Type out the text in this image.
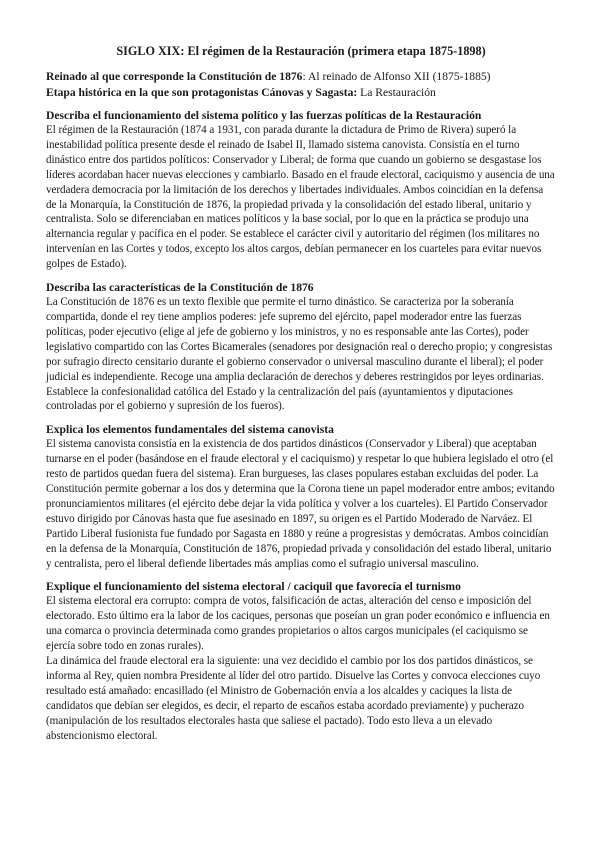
SIGLO XIX: El régimen de la Restauración (primera etapa 1875-1898)

Reinado al que corresponde la Constitución de 1876: Al reinado de Alfonso XII (1875-1885)

Etapa histórica en la que son protagonistas Cánovas y Sagasta: La Restauración

Describa el funcionamiento del sistema político y las fuerzas políticas de la Restauración

El régimen de la Restauración (1874 a 1931, con parada durante la dictadura de Primo de Rivera) superó la inestabilidad política presente desde el reinado de Isabel II, llamado sistema canovista. Consistía en el turno dinástico entre dos partidos políticos: Conservador y Liberal; de forma que cuando un gobierno se desgastase los líderes acordaban hacer nuevas elecciones y cambiarlo. Basado en el fraude electoral, caciquismo y ausencia de una verdadera democracia por la limitación de los derechos y libertades individuales. Ambos coincidían en la defensa de la Monarquía, la Constitución de 1876, la propiedad privada y la consolidación del estado liberal, unitario y centralista. Solo se diferenciaban en matices políticos y la base social, por lo que en la práctica se produjo una alternancia regular y pacífica en el poder. Se establece el carácter civil y autoritario del régimen (los militares no intervenían en las Cortes y todos, excepto los altos cargos, debían permanecer en los cuarteles para evitar nuevos golpes de Estado).

Describa las características de la Constitución de 1876

La Constitución de 1876 es un texto flexible que permite el turno dinástico. Se caracteriza por la soberanía compartida, donde el rey tiene amplios poderes: jefe supremo del ejército, papel moderador entre las fuerzas políticas, poder ejecutivo (elige al jefe de gobierno y los ministros, y no es responsable ante las Cortes), poder legislativo compartido con las Cortes Bicamerales (senadores por designación real o derecho propio; y congresistas por sufragio directo censitario durante el gobierno conservador o universal masculino durante el liberal); el poder judicial es independiente. Recoge una amplia declaración de derechos y deberes restringidos por leyes ordinarias. Establece la confesionalidad católica del Estado y la centralización del país (ayuntamientos y diputaciones controladas por el gobierno y supresión de los fueros).

Explica los elementos fundamentales del sistema canovista

El sistema canovista consistía en la existencia de dos partidos dinásticos (Conservador y Liberal) que aceptaban turnarse en el poder (basándose en el fraude electoral y el caciquismo) y respetar lo que hubiera legislado el otro (el resto de partidos quedan fuera del sistema). Eran burgueses, las clases populares estaban excluidas del poder. La Constitución permite gobernar a los dos y determina que la Corona tiene un papel moderador entre ambos; evitando pronunciamientos militares (el ejército debe dejar la vida política y volver a los cuarteles). El Partido Conservador estuvo dirigido por Cánovas hasta que fue asesinado en 1897, su origen es el Partido Moderado de Narváez. El Partido Liberal fusionista fue fundado por Sagasta en 1880 y reúne a progresistas y demócratas. Ambos coincidían en la defensa de la Monarquía, Constitución de 1876, propiedad privada y consolidación del estado liberal, unitario y centralista, pero el liberal defiende libertades más amplias como el sufragio universal masculino.

Explique el funcionamiento del sistema electoral / caciquil que favorecía el turnismo

El sistema electoral era corrupto: compra de votos, falsificación de actas, alteración del censo e imposición del electorado. Esto último era la labor de los caciques, personas que poseían un gran poder económico e influencia en una comarca o provincia determinada como grandes propietarios o altos cargos municipales (el caciquismo se ejercía sobre todo en zonas rurales).

La dinámica del fraude electoral era la siguiente: una vez decidido el cambio por los dos partidos dinásticos, se informa al Rey, quien nombra Presidente al líder del otro partido. Disuelve las Cortes y convoca elecciones cuyo resultado está amañado: encasillado (el Ministro de Gobernación envía a los alcaldes y caciques la lista de candidatos que debían ser elegidos, es decir, el reparto de escaños estaba acordado previamente) y pucherazo (manipulación de los resultados electorales hasta que saliese el pactado). Todo esto lleva a un elevado abstencionismo electoral.
